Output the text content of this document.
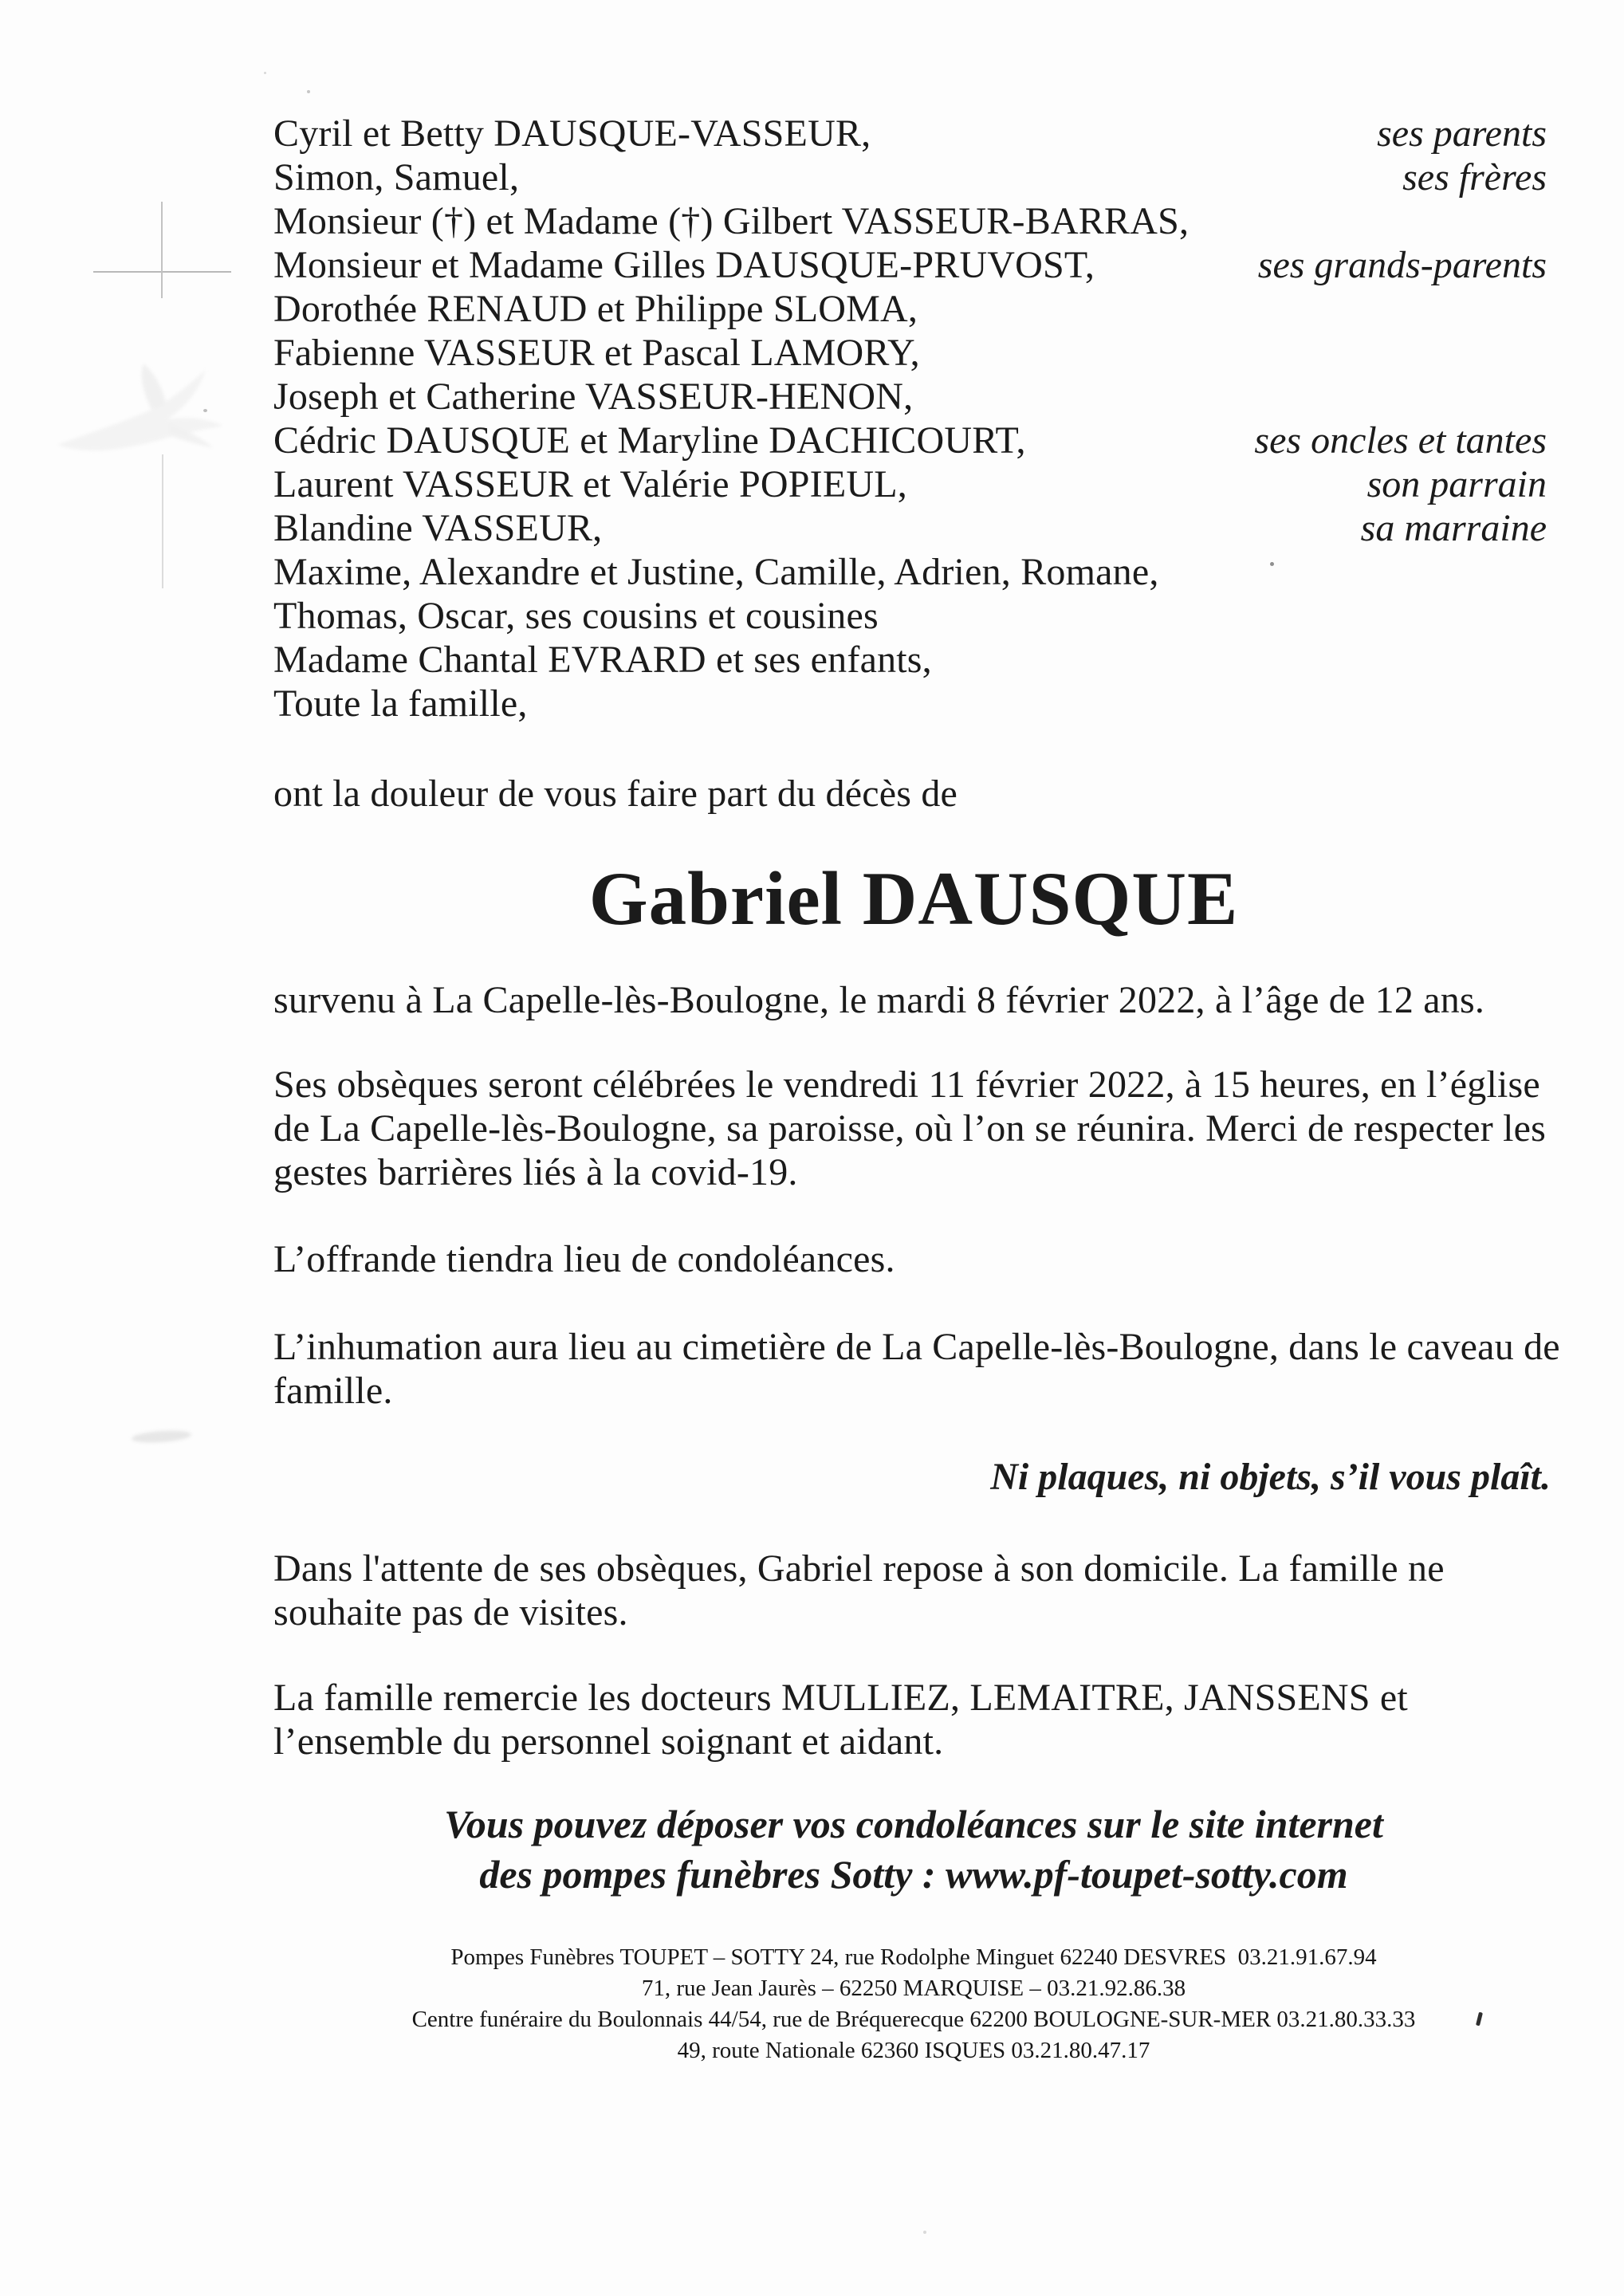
Cyril et Betty DAUSQUE-VASSEUR,	ses parents
Simon, Samuel,	ses frères
Monsieur (†) et Madame (†) Gilbert VASSEUR-BARRAS,
Monsieur et Madame Gilles DAUSQUE-PRUVOST,	ses grands-parents
Dorothée RENAUD et Philippe SLOMA,
Fabienne VASSEUR et Pascal LAMORY,
Joseph et Catherine VASSEUR-HENON,
Cédric DAUSQUE et Maryline DACHICOURT,	ses oncles et tantes
Laurent VASSEUR et Valérie POPIEUL,	son parrain
Blandine VASSEUR,	sa marraine
Maxime, Alexandre et Justine, Camille, Adrien, Romane,
Thomas, Oscar, ses cousins et cousines
Madame Chantal EVRARD et ses enfants,
Toute la famille,
ont la douleur de vous faire part du décès de
Gabriel DAUSQUE
survenu à La Capelle-lès-Boulogne, le mardi 8 février 2022, à l’âge de 12 ans.
Ses obsèques seront célébrées le vendredi 11 février 2022, à 15 heures, en l’église
de La Capelle-lès-Boulogne, sa paroisse, où l’on se réunira. Merci de respecter les
gestes barrières liés à la covid-19.
L’offrande tiendra lieu de condoléances.
L’inhumation aura lieu au cimetière de La Capelle-lès-Boulogne, dans le caveau de
famille.
Ni plaques, ni objets, s’il vous plaît.
Dans l'attente de ses obsèques, Gabriel repose à son domicile. La famille ne
souhaite pas de visites.
La famille remercie les docteurs MULLIEZ, LEMAITRE, JANSSENS et
l’ensemble du personnel soignant et aidant.
Vous pouvez déposer vos condoléances sur le site internet
des pompes funèbres Sotty : www.pf-toupet-sotty.com
Pompes Funèbres TOUPET – SOTTY 24, rue Rodolphe Minguet 62240 DESVRES  03.21.91.67.94
71, rue Jean Jaurès – 62250 MARQUISE – 03.21.92.86.38
Centre funéraire du Boulonnais 44/54, rue de Bréquerecque 62200 BOULOGNE-SUR-MER 03.21.80.33.33
49, route Nationale 62360 ISQUES 03.21.80.47.17
